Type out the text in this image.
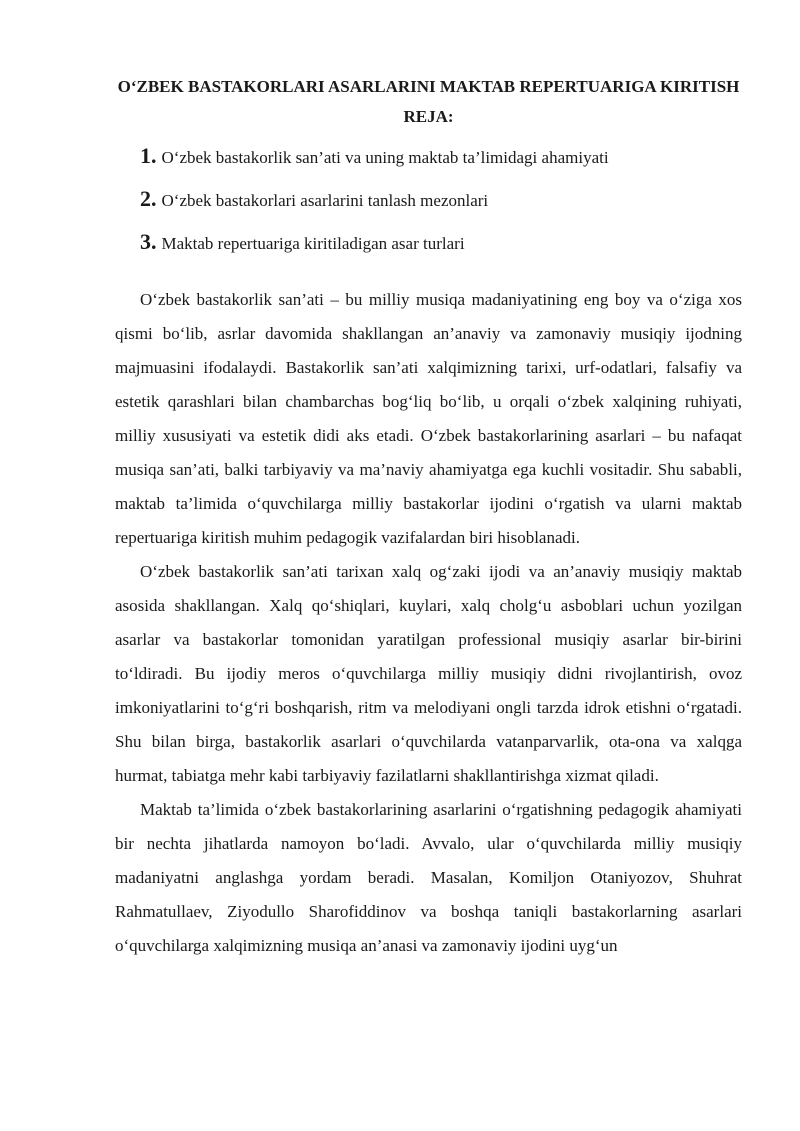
O‘ZBEK BASTAKORLARI ASARLARINI MAKTAB REPERTUARIGA KIRITISH
REJA:
1. O‘zbek bastakorlik san’ati va uning maktab ta’limidagi ahamiyati
2. O‘zbek bastakorlari asarlarini tanlash mezonlari
3. Maktab repertuariga kiritiladigan asar turlari

O‘zbek bastakorlik san’ati – bu milliy musiqa madaniyatining eng boy va o‘ziga xos qismi bo‘lib, asrlar davomida shakllangan an’anaviy va zamonaviy musiqiy ijodning majmuasini ifodalaydi. Bastakorlik san’ati xalqimizning tarixi, urf-odatlari, falsafiy va estetik qarashlari bilan chambarchas bog‘liq bo‘lib, u orqali o‘zbek xalqining ruhiyati, milliy xususiyati va estetik didi aks etadi. O‘zbek bastakorlarining asarlari – bu nafaqat musiqa san’ati, balki tarbiyaviy va ma’naviy ahamiyatga ega kuchli vositadir. Shu sababli, maktab ta’limida o‘quvchilarga milliy bastakorlar ijodini o‘rgatish va ularni maktab repertuariga kiritish muhim pedagogik vazifalardan biri hisoblanadi.

O‘zbek bastakorlik san’ati tarixan xalq og‘zaki ijodi va an’anaviy musiqiy maktab asosida shakllangan. Xalq qo‘shiqlari, kuylari, xalq cholg‘u asboblari uchun yozilgan asarlar va bastakorlar tomonidan yaratilgan professional musiqiy asarlar bir-birini to‘ldiradi. Bu ijodiy meros o‘quvchilarga milliy musiqiy didni rivojlantirish, ovoz imkoniyatlarini to‘g‘ri boshqarish, ritm va melodiyani ongli tarzda idrok etishni o‘rgatadi. Shu bilan birga, bastakorlik asarlari o‘quvchilarda vatanparvarlik, ota-ona va xalqga hurmat, tabiatga mehr kabi tarbiyaviy fazilatlarni shakllantirishga xizmat qiladi.

Maktab ta’limida o‘zbek bastakorlarining asarlarini o‘rgatishning pedagogik ahamiyati bir nechta jihatlarda namoyon bo‘ladi. Avvalo, ular o‘quvchilarda milliy musiqiy madaniyatni anglashga yordam beradi. Masalan, Komiljon Otaniyozov, Shuhrat Rahmatullaev, Ziyodullo Sharofiddinov va boshqa taniqli bastakorlarning asarlari o‘quvchilarga xalqimizning musiqa an’anasi va zamonaviy ijodini uyg‘un
